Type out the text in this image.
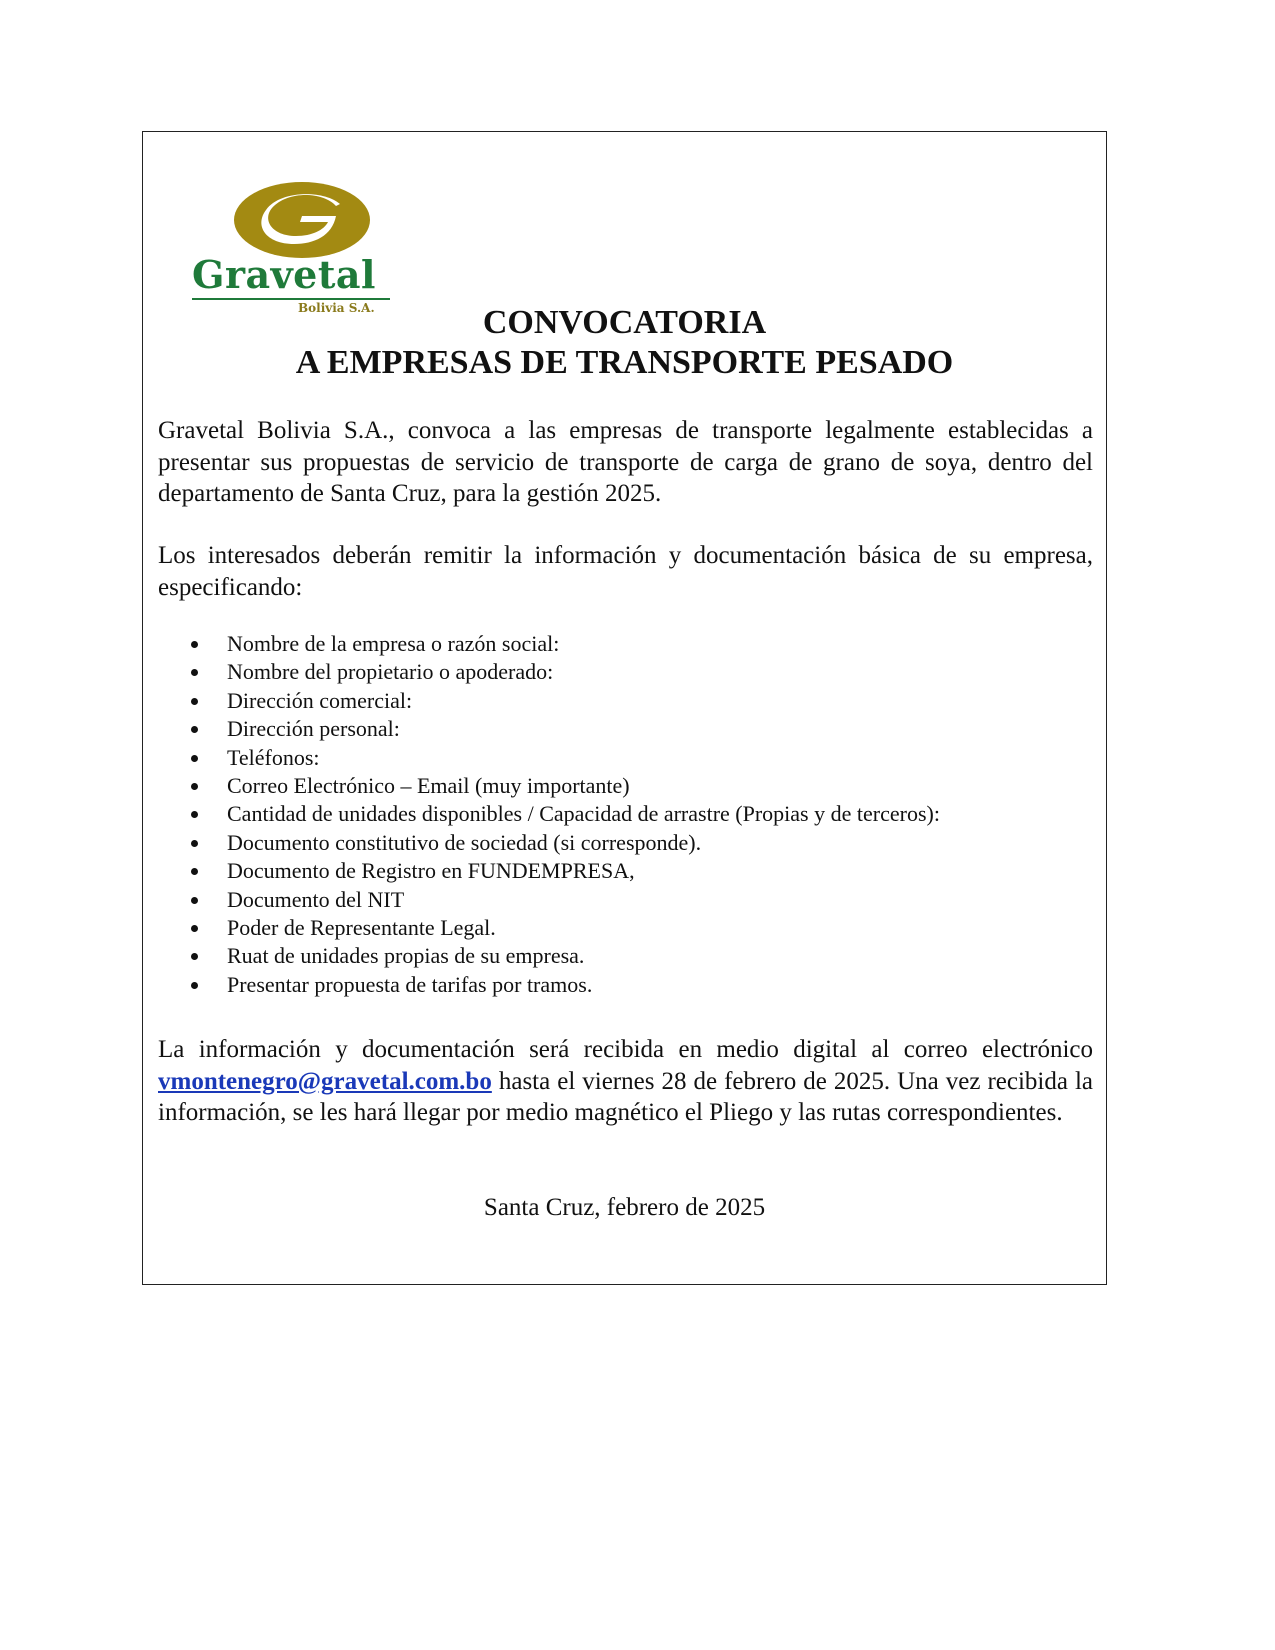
Gravetal
Bolivia S.A.	CONVOCATORIA
A EMPRESAS DE TRANSPORTE PESADO
Gravetal Bolivia S.A., convoca a las empresas de transporte legalmente establecidas a presentar sus propuestas de servicio de transporte de carga de grano de soya, dentro del departamento de Santa Cruz, para la gestión 2025.
Los interesados deberán remitir la información y documentación básica de su empresa, especificando:
Nombre de la empresa o razón social:
Nombre del propietario o apoderado:
Dirección comercial:
Dirección personal:
Teléfonos:
Correo Electrónico – Email (muy importante)
Cantidad de unidades disponibles / Capacidad de arrastre (Propias y de terceros):
Documento constitutivo de sociedad (si corresponde).
Documento de Registro en FUNDEMPRESA,
Documento del NIT
Poder de Representante Legal.
Ruat de unidades propias de su empresa.
Presentar propuesta de tarifas por tramos.
La información y documentación será recibida en medio digital al correo electrónico vmontenegro@gravetal.com.bo hasta el viernes 28 de febrero de 2025. Una vez recibida la información, se les hará llegar por medio magnético el Pliego y las rutas correspondientes.
Santa Cruz, febrero de 2025
